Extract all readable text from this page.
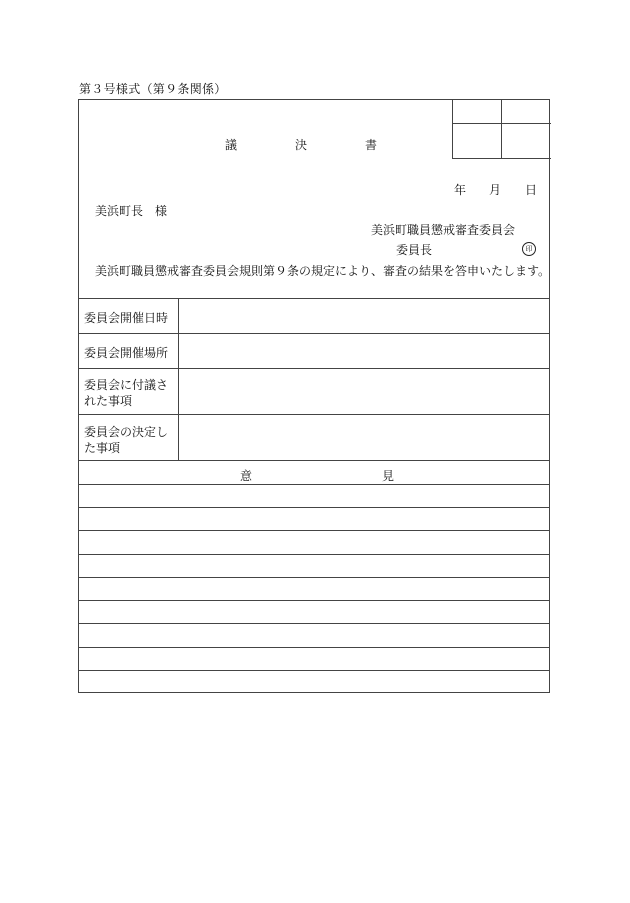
第３号様式（第９条関係）
議	決	書
年 月 日
美浜町長　様
美浜町職員懲戒審査委員会
委員長	印
美浜町職員懲戒審査委員会規則第９条の規定により、審査の結果を答申いたします。
委員会開催日時
委員会開催場所
委員会に付議さ
れた事項
委員会の決定し
た事項
意	見
